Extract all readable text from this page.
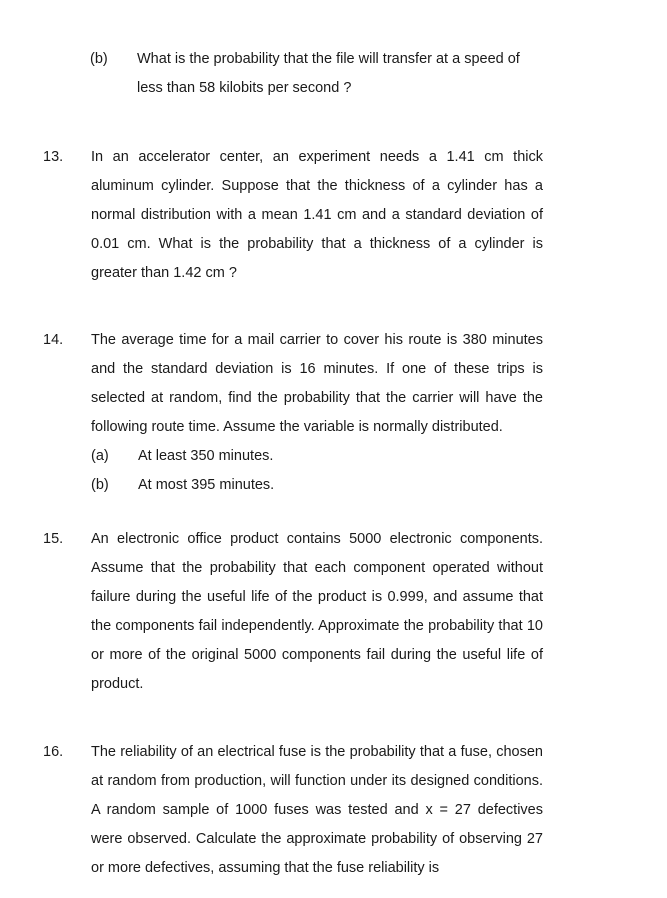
(b) What is the probability that the file will transfer at a speed of less than 58 kilobits per second ?
13. In an accelerator center, an experiment needs a 1.41 cm thick aluminum cylinder. Suppose that the thickness of a cylinder has a normal distribution with a mean 1.41 cm and a standard deviation of 0.01 cm. What is the probability that a thickness of a cylinder is greater than 1.42 cm ?
14. The average time for a mail carrier to cover his route is 380 minutes and the standard deviation is 16 minutes. If one of these trips is selected at random, find the probability that the carrier will have the following route time. Assume the variable is normally distributed.
(a) At least 350 minutes.
(b) At most 395 minutes.
15. An electronic office product contains 5000 electronic components. Assume that the probability that each component operated without failure during the useful life of the product is 0.999, and assume that the components fail independently. Approximate the probability that 10 or more of the original 5000 components fail during the useful life of product.
16. The reliability of an electrical fuse is the probability that a fuse, chosen at random from production, will function under its designed conditions. A random sample of 1000 fuses was tested and x = 27 defectives were observed. Calculate the approximate probability of observing 27 or more defectives, assuming that the fuse reliability is
